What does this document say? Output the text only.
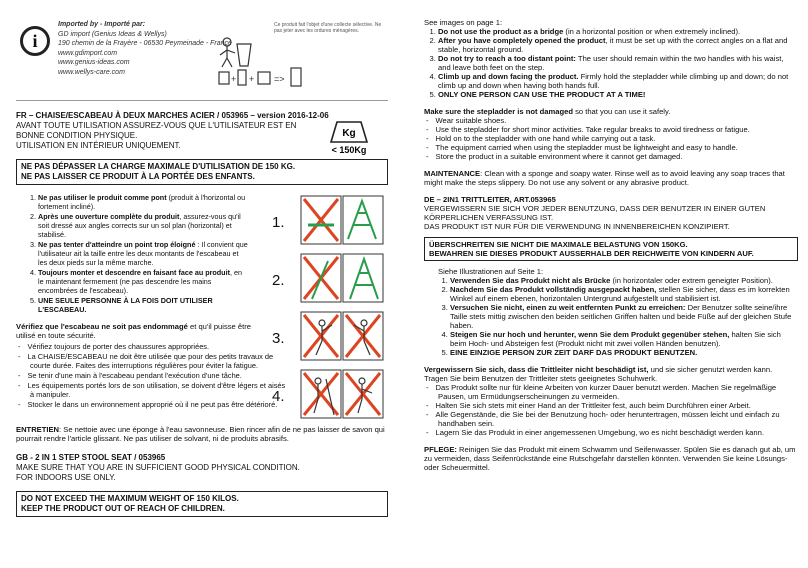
i
Imported by - Importé par:
GD import (Genius Ideas & Wellys)
190 chemin de la Frayère - 06530 Peymeinade - France
www.gdimport.com
www.genius-ideas.com
www.wellys-care.com
+ + =>
Ce produit fait l'objet d'une collecte sélective. Ne pas jeter avec les ordures ménagères.
FR – CHAISE/ESCABEAU À DEUX MARCHES ACIER / 053965 – version 2016-12-06
AVANT TOUTE UTILISATION ASSUREZ-VOUS QUE L'UTILISATEUR EST EN BONNE CONDITION PHYSIQUE.
UTILISATION EN INTÉRIEUR UNIQUEMENT.
NE PAS DÉPASSER LA CHARGE MAXIMALE D'UTILISATION DE 150 KG.
NE PAS LAISSER CE PRODUIT À LA PORTÉE DES ENFANTS.
1. Ne pas utiliser le produit comme pont (produit à l'horizontal ou fortement incliné).
2. Après une ouverture complète du produit, assurez-vous qu'il soit dressé aux angles corrects sur un sol plan (horizontal) et stabilisé.
3. Ne pas tenter d'atteindre un point trop éloigné : Il convient que l'utilisateur ait la taille entre les deux montants de l'escabeau et les deux pieds sur la même marche.
4. Toujours monter et descendre en faisant face au produit, en le maintenant fermement (ne pas descendre les mains encombrées de l'escabeau).
5. UNE SEULE PERSONNE À LA FOIS DOIT UTILISER L'ESCABEAU.
Vérifiez que l'escabeau ne soit pas endommagé et qu'il puisse être utilisé en toute sécurité.
- Vérifiez toujours de porter des chaussures appropriées.
- La CHAISE/ESCABEAU ne doit être utilisée que pour des petits travaux de courte durée. Faites des interruptions régulières pour éviter la fatigue.
- Se tenir d'une main à l'escabeau pendant l'exécution d'une tâche.
- Les équipements portés lors de son utilisation, se doivent d'être légers et aisés à manipuler.
- Stocker le dans un environnement approprié où il ne peut pas être détérioré.
1.
2.
3.
4.
ENTRETIEN: Se nettoie avec une éponge à l'eau savonneuse. Bien rincer afin de ne pas laisser de savon qui pourrait rendre l'article glissant. Ne pas utiliser de solvant, ni de produits abrasifs.
GB - 2 IN 1 STEP STOOL SEAT / 053965
MAKE SURE THAT YOU ARE IN SUFFICIENT GOOD PHYSICAL CONDITION.
FOR INDOORS USE ONLY.
DO NOT EXCEED THE MAXIMUM WEIGHT OF 150 KILOS.
KEEP THE PRODUCT OUT OF REACH OF CHILDREN.
Kg
< 150Kg
See images on page 1:
1. Do not use the product as a bridge (in a horizontal position or when extremely inclined).
2. After you have completely opened the product, it must be set up with the correct angles on a flat and stable, horizontal ground.
3. Do not try to reach a too distant point: The user should remain within the two handles with his waist, and leave both feet on the step.
4. Climb up and down facing the product. Firmly hold the stepladder while climbing up and down; do not climb up and down when having both hands full.
5. ONLY ONE PERSON CAN USE THE PRODUCT AT A TIME!
Make sure the stepladder is not damaged so that you can use it safely.
- Wear suitable shoes.
- Use the stepladder for short minor activities. Take regular breaks to avoid tiredness or fatigue.
- Hold on to the stepladder with one hand while carrying out a task.
- The equipment carried when using the stepladder must be lightweight and easy to handle.
- Store the product in a suitable environment where it cannot get damaged.
MAINTENANCE: Clean with a sponge and soapy water. Rinse well as to avoid leaving any soap traces that might make the steps slippery. Do not use any solvent or any abrasive product.
DE – 2IN1 TRITTLEITER, ART.053965
VERGEWISSERN SIE SICH VOR JEDER BENUTZUNG, DASS DER BENUTZER IN EINER GUTEN KÖRPERLICHEN VERFASSUNG IST.
DAS PRODUKT IST NUR FÜR DIE VERWENDUNG IN INNENBEREICHEN KONZIPIERT.
ÜBERSCHREITEN SIE NICHT DIE MAXIMALE BELASTUNG VON 150KG.
BEWAHREN SIE DIESES PRODUKT AUSSERHALB DER REICHWEITE VON KINDERN AUF.
Siehe Illustrationen auf Seite 1:
1. Verwenden Sie das Produkt nicht als Brücke (in horizontaler oder extrem geneigter Position).
2. Nachdem Sie das Produkt vollständig ausgepackt haben, stellen Sie sicher, dass es im korrekten Winkel auf einem ebenen, horizontalen Untergrund aufgestellt und stabilisiert ist.
3. Versuchen Sie nicht, einen zu weit entfernten Punkt zu erreichen: Der Benutzer sollte seine/ihre Taille stets mittig zwischen den beiden seitlichen Griffen halten und beide Füße auf der gleichen Stufe haben.
4. Steigen Sie nur hoch und herunter, wenn Sie dem Produkt gegenüber stehen, halten Sie sich beim Hoch- und Absteigen fest (Produkt nicht mit zwei vollen Händen benutzen).
5. EINE EINZIGE PERSON ZUR ZEIT DARF DAS PRODUKT BENUTZEN.
Vergewissern Sie sich, dass die Trittleiter nicht beschädigt ist, und sie sicher genutzt werden kann.
Tragen Sie beim Benutzen der Trittleiter stets geeignetes Schuhwerk.
- Das Produkt sollte nur für kleine Arbeiten von kurzer Dauer benutzt werden. Machen Sie regelmäßige Pausen, um Ermüdungserscheinungen zu vermeiden.
- Halten Sie sich stets mit einer Hand an der Trittleiter fest, auch beim Durchführen einer Arbeit.
- Alle Gegenstände, die Sie bei der Benutzung hoch- oder heruntertragen, müssen leicht und einfach zu handhaben sein.
- Lagern Sie das Produkt in einer angemessenen Umgebung, wo es nicht beschädigt werden kann.
PFLEGE: Reinigen Sie das Produkt mit einem Schwamm und Seifenwasser. Spülen Sie es danach gut ab, um zu vermeiden, dass Seifenrückstände eine Rutschgefahr darstellen könnten. Verwenden Sie keine Lösungs- oder Scheuermittel.
